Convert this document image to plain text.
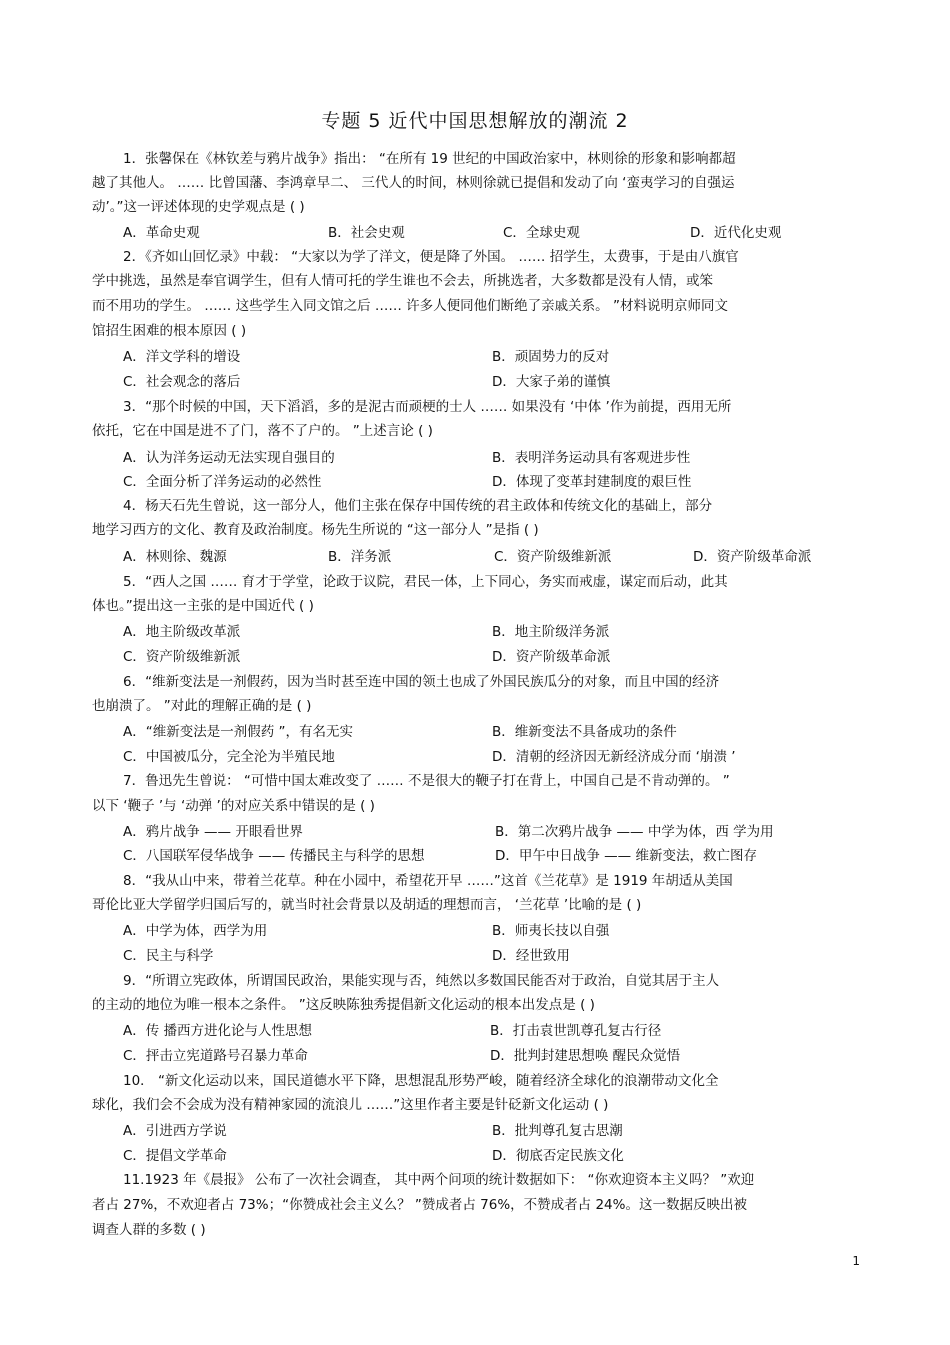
专题 5 近代中国思想解放的潮流 2
1．张馨保在《林钦差与鸦片战争》指出： “在所有 19 世纪的中国政治家中，林则徐的形象和影响都超
越了其他人。 …… 比曾国藩、李鸿章早二、 三代人的时间，林则徐就已提倡和发动了向 ‘蛮夷学习的自强运
动’。”这一评述体现的史学观点是 ( )
A．革命史观	B．社会史观	C．全球史观	D．近代化史观
2．《齐如山回忆录》中载： “大家以为学了洋文，便是降了外国。 …… 招学生，太费事，于是由八旗官
学中挑选，虽然是奉官调学生，但有人情可托的学生谁也不会去，所挑选者，大多数都是没有人情，或笨
而不用功的学生。 …… 这些学生入同文馆之后 …… 许多人便同他们断绝了亲戚关系。 ”材料说明京师同文
馆招生困难的根本原因 ( )
A．洋文学科的增设	B．顽固势力的反对
C．社会观念的落后	D．大家子弟的谨慎
3．“那个时候的中国，天下滔滔，多的是泥古而顽梗的士人 …… 如果没有 ‘中体 ’作为前提，西用无所
依托，它在中国是进不了门，落不了户的。 ”上述言论 ( )
A．认为洋务运动无法实现自强目的	B．表明洋务运动具有客观进步性
C．全面分析了洋务运动的必然性	D．体现了变革封建制度的艰巨性
4．杨天石先生曾说，这一部分人，他们主张在保存中国传统的君主政体和传统文化的基础上，部分
地学习西方的文化、教育及政治制度。杨先生所说的 “这一部分人 ”是指 ( )
A．林则徐、魏源	B．洋务派	C．资产阶级维新派	D．资产阶级革命派
5．“西人之国 …… 育才于学堂，论政于议院，君民一体，上下同心，务实而戒虚，谋定而后动，此其
体也。”提出这一主张的是中国近代 ( )
A．地主阶级改革派	B．地主阶级洋务派
C．资产阶级维新派	D．资产阶级革命派
6．“维新变法是一剂假药，因为当时甚至连中国的领土也成了外国民族瓜分的对象，而且中国的经济
也崩溃了。 ”对此的理解正确的是 ( )
A．“维新变法是一剂假药 ”，有名无实	B．维新变法不具备成功的条件
C．中国被瓜分，完全沦为半殖民地	D．清朝的经济因无新经济成分而 ‘崩溃 ’
7．鲁迅先生曾说： “可惜中国太难改变了 …… 不是很大的鞭子打在背上，中国自己是不肯动弹的。 ”
以下 ‘鞭子 ’与 ‘动弹 ’的对应关系中错误的是 ( )
A．鸦片战争 —— 开眼看世界	B．第二次鸦片战争 —— 中学为体，西 学为用
C．八国联军侵华战争 —— 传播民主与科学的思想	D．甲午中日战争 —— 维新变法，救亡图存
8．“我从山中来，带着兰花草。种在小园中，希望花开早 ……”这首《兰花草》是 1919 年胡适从美国
哥伦比亚大学留学归国后写的，就当时社会背景以及胡适的理想而言， ‘兰花草 ’比喻的是 ( )
A．中学为体，西学为用	B．师夷长技以自强
C．民主与科学	D．经世致用
9．“所谓立宪政体，所谓国民政治，果能实现与否，纯然以多数国民能否对于政治，自觉其居于主人
的主动的地位为唯一根本之条件。 ”这反映陈独秀提倡新文化运动的根本出发点是 ( )
A．传 播西方进化论与人性思想	B．打击袁世凯尊孔复古行径
C．抨击立宪道路号召暴力革命	D．批判封建思想唤 醒民众觉悟
10． “新文化运动以来，国民道德水平下降，思想混乱形势严峻，随着经济全球化的浪潮带动文化全
球化，我们会不会成为没有精神家园的流浪儿 ……”这里作者主要是针砭新文化运动 ( )
A．引进西方学说	B．批判尊孔复古思潮
C．提倡文学革命	D．彻底否定民族文化
11.1923 年《晨报》 公布了一次社会调查， 其中两个问项的统计数据如下： “你欢迎资本主义吗？ ”欢迎
者占 27%，不欢迎者占 73%；“你赞成社会主义么？ ”赞成者占 76%，不赞成者占 24%。这一数据反映出被
调查人群的多数 ( )
1
